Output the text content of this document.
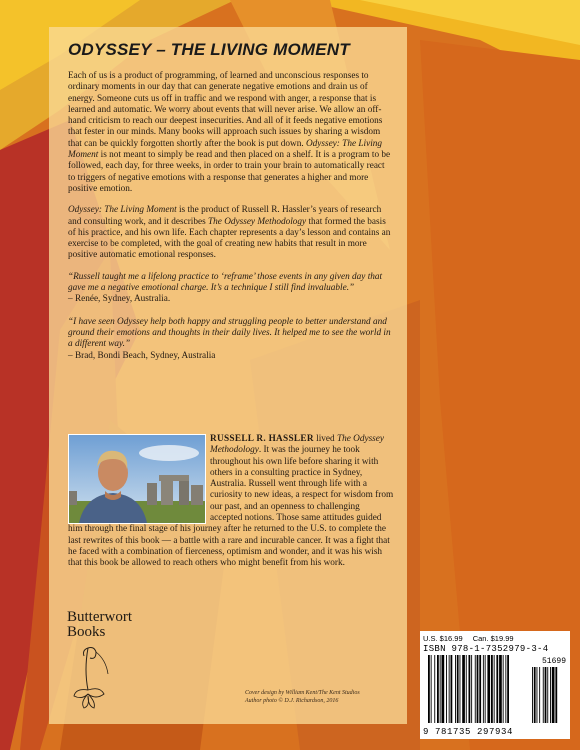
ODYSSEY – THE LIVING MOMENT

Each of us is a product of programming, of learned and unconscious responses to ordinary moments in our day that can generate negative emotions and drain us of energy. Someone cuts us off in traffic and we respond with anger, a response that is learned and automatic. We worry about events that will never arise. We allow an off-hand criticism to reach our deepest insecurities. And all of it feeds negative emotions that fester in our minds. Many books will approach such issues by sharing a wisdom that can be quickly forgotten shortly after the book is put down. Odyssey: The Living Moment is not meant to simply be read and then placed on a shelf. It is a program to be followed, each day, for three weeks, in order to train your brain to automatically react to triggers of negative emotions with a response that generates a higher and more positive emotion.

Odyssey: The Living Moment is the product of Russell R. Hassler’s years of research and consulting work, and it describes The Odyssey Methodology that formed the basis of his practice, and his own life. Each chapter represents a day’s lesson and contains an exercise to be completed, with the goal of creating new habits that result in more positive automatic emotional responses.

“Russell taught me a lifelong practice to ‘reframe’ those events in any given day that gave me a negative emotional charge. It’s a technique I still find invaluable.”
– Renée, Sydney, Australia.

“I have seen Odyssey help both happy and struggling people to better understand and ground their emotions and thoughts in their daily lives. It helped me to see the world in a different way.”
– Brad, Bondi Beach, Sydney, Australia

RUSSELL R. HASSLER lived The Odyssey Methodology. It was the journey he took throughout his own life before sharing it with others in a consulting practice in Sydney, Australia. Russell went through life with a curiosity to new ideas, a respect for wisdom from our past, and an openness to challenging accepted notions. Those same attitudes guided him through the final stage of his journey after he returned to the U.S. to complete the last rewrites of this book — a battle with a rare and incurable cancer. It was a fight that he faced with a combination of fierceness, optimism and wonder, and it was his wish that this book be allowed to reach others who might benefit from his work.
Butterwort
Books
Cover design by William Kent/The Kent Studios
Author photo © D.J. Richardson, 2016
U.S. $16.99 Can. $19.99
ISBN 978-1-7352979-3-4
51699
9 781735 297934
